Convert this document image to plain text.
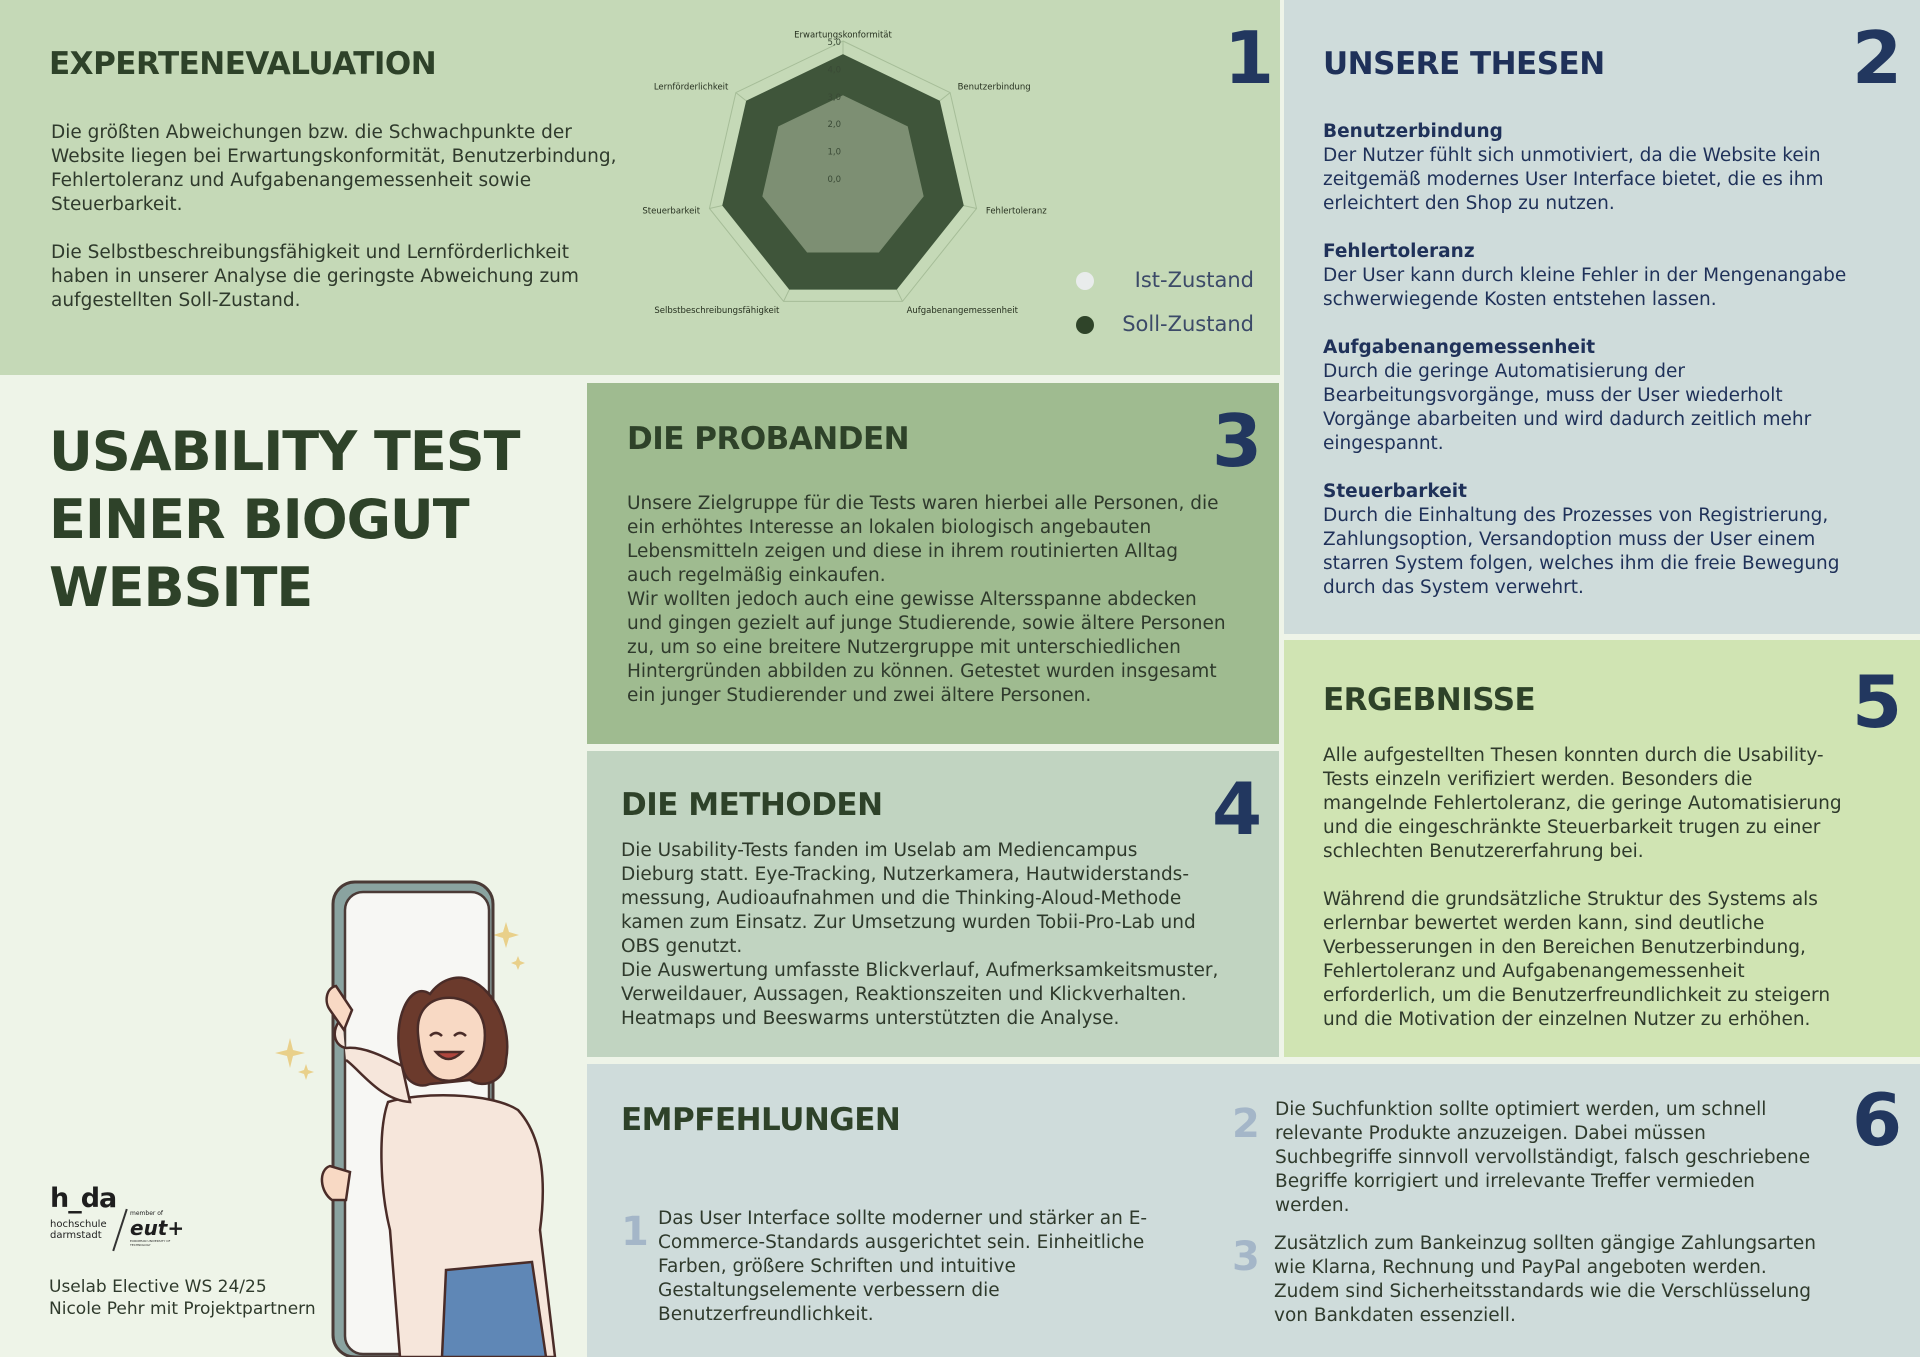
EXPERTENEVALUATION	1

Die größten Abweichungen bzw. die Schwachpunkte der
Website liegen bei Erwartungskonformität, Benutzerbindung,
Fehlertoleranz und Aufgabenangemessenheit sowie
Steuerbarkeit.

Die Selbstbeschreibungsfähigkeit und Lernförderlichkeit
haben in unserer Analyse die geringste Abweichung zum
aufgestellten Soll-Zustand.

0,0
1,0
2,0
3,0
4,0
5,0
Erwartungskonformität
Benutzerbindung
Fehlertoleranz
Aufgabenangemessenheit
Selbstbeschreibungsfähigkeit
Steuerbarkeit
Lernförderlichkeit
Ist-Zustand
Soll-Zustand
UNSERE THESEN	2
Benutzerbindung

Der Nutzer fühlt sich unmotiviert, da die Website kein
zeitgemäß modernes User Interface bietet, die es ihm
erleichtert den Shop zu nutzen.

Fehlertoleranz

Der User kann durch kleine Fehler in der Mengenangabe
schwerwiegende Kosten entstehen lassen.

Aufgabenangemessenheit

Durch die geringe Automatisierung der
Bearbeitungsvorgänge, muss der User wiederholt
Vorgänge abarbeiten und wird dadurch zeitlich mehr
eingespannt.

Steuerbarkeit

Durch die Einhaltung des Prozesses von Registrierung,
Zahlungsoption, Versandoption muss der User einem
starren System folgen, welches ihm die freie Bewegung
durch das System verwehrt.

USABILITY TEST
EINER BIOGUT
WEBSITE
DIE PROBANDEN	3

Unsere Zielgruppe für die Tests waren hierbei alle Personen, die
ein erhöhtes Interesse an lokalen biologisch angebauten
Lebensmitteln zeigen und diese in ihrem routinierten Alltag
auch regelmäßig einkaufen.
Wir wollten jedoch auch eine gewisse Altersspanne abdecken
und gingen gezielt auf junge Studierende, sowie ältere Personen
zu, um so eine breitere Nutzergruppe mit unterschiedlichen
Hintergründen abbilden zu können. Getestet wurden insgesamt
ein junger Studierender und zwei ältere Personen.

DIE METHODEN	4

Die Usability-Tests fanden im Uselab am Mediencampus
Dieburg statt. Eye-Tracking, Nutzerkamera, Hautwiderstands-
messung, Audioaufnahmen und die Thinking-Aloud-Methode
kamen zum Einsatz. Zur Umsetzung wurden Tobii-Pro-Lab und
OBS genutzt.
Die Auswertung umfasste Blickverlauf, Aufmerksamkeitsmuster,
Verweildauer, Aussagen, Reaktionszeiten und Klickverhalten.
Heatmaps und Beeswarms unterstützten die Analyse.

ERGEBNISSE	5

Alle aufgestellten Thesen konnten durch die Usability-
Tests einzeln verifiziert werden. Besonders die
mangelnde Fehlertoleranz, die geringe Automatisierung
und die eingeschränkte Steuerbarkeit trugen zu einer
schlechten Benutzererfahrung bei.

Während die grundsätzliche Struktur des Systems als
erlernbar bewertet werden kann, sind deutliche
Verbesserungen in den Bereichen Benutzerbindung,
Fehlertoleranz und Aufgabenangemessenheit
erforderlich, um die Benutzerfreundlichkeit zu steigern
und die Motivation der einzelnen Nutzer zu erhöhen.

EMPFEHLUNGEN	6
1 Das User Interface sollte moderner und stärker an E-
Commerce-Standards ausgerichtet sein. Einheitliche
Farben, größere Schriften und intuitive
Gestaltungselemente verbessern die
Benutzerfreundlichkeit.
2 Die Suchfunktion sollte optimiert werden, um schnell
relevante Produkte anzuzeigen. Dabei müssen
Suchbegriffe sinnvoll vervollständigt, falsch geschriebene
Begriffe korrigiert und irrelevante Treffer vermieden
werden.
3 Zusätzlich zum Bankeinzug sollten gängige Zahlungsarten
wie Klarna, Rechnung und PayPal angeboten werden.
Zudem sind Sicherheitsstandards wie die Verschlüsselung
von Bankdaten essenziell.
h_da
hochschule
darmstadt
member of
eut+
EUROPEAN UNIVERSITY OF TECHNOLOGY
Uselab Elective WS 24/25
Nicole Pehr mit Projektpartnern
